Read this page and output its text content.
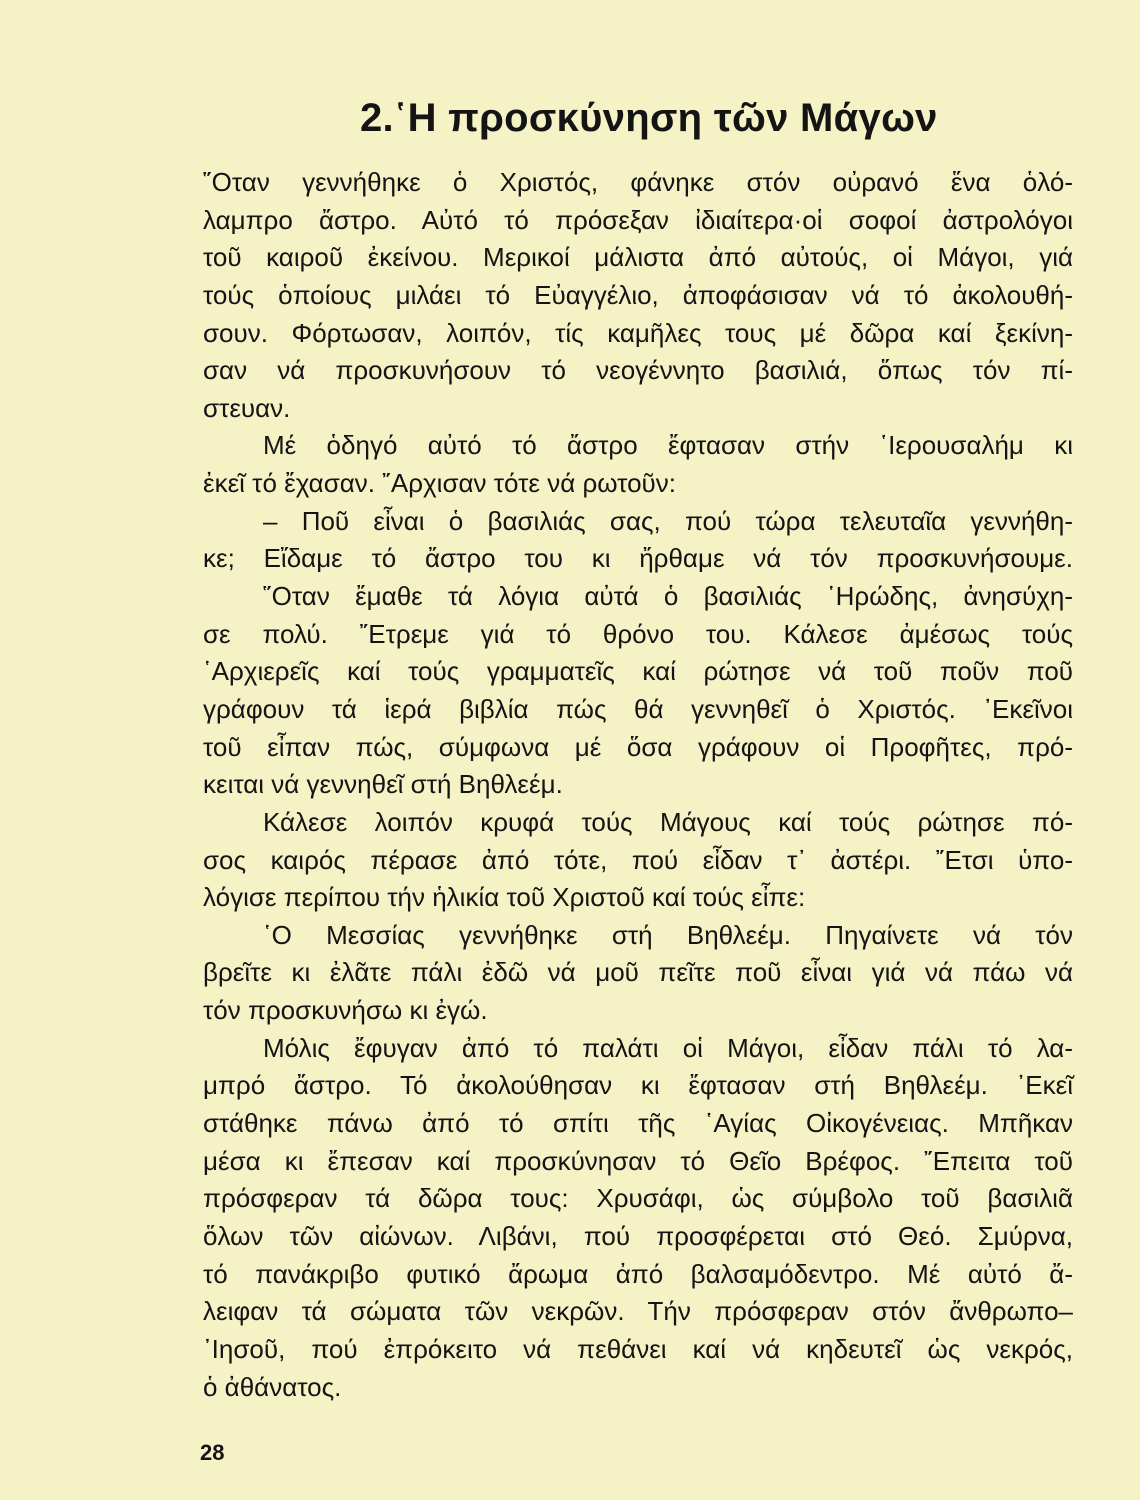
2.῾Η προσκύνηση τῶν Μάγων
῞Οταν γεννήθηκε ὁ Χριστός, φάνηκε στόν οὐρανό ἕνα ὁλό-
λαμπρο ἄστρο. Αὐτό τό πρόσεξαν ἰδιαίτερα·οἱ σοφοί ἀστρολόγοι
τοῦ καιροῦ ἐκείνου. Μερικοί μάλιστα ἀπό αὐτούς, οἱ Μάγοι, γιά
τούς ὁποίους μιλάει τό Εὐαγγέλιο, ἀποφάσισαν νά τό ἀκολουθή-
σουν. Φόρτωσαν, λοιπόν, τίς καμῆλες τους μέ δῶρα καί ξεκίνη-
σαν νά προσκυνήσουν τό νεογέννητο βασιλιά, ὅπως τόν πί-
στευαν.
Μέ ὁδηγό αὐτό τό ἄστρο ἔφτασαν στήν ῾Ιερουσαλήμ κι
ἐκεῖ τό ἔχασαν. ῎Αρχισαν τότε νά ρωτοῦν:
– Ποῦ εἶναι ὁ βασιλιάς σας, πού τώρα τελευταῖα γεννήθη-
κε; Εἴδαμε τό ἄστρο του κι ἤρθαμε νά τόν προσκυνήσουμε.
῞Οταν ἔμαθε τά λόγια αὐτά ὁ βασιλιάς ῾Ηρώδης, ἀνησύχη-
σε πολύ. ῎Ετρεμε γιά τό θρόνο του. Κάλεσε ἀμέσως τούς
῾Αρχιερεῖς καί τούς γραμματεῖς καί ρώτησε νά τοῦ ποῦν ποῦ
γράφουν τά ἱερά βιβλία πώς θά γεννηθεῖ ὁ Χριστός. ᾿Εκεῖνοι
τοῦ εἶπαν πώς, σύμφωνα μέ ὅσα γράφουν οἱ Προφῆτες, πρό-
κειται νά γεννηθεῖ στή Βηθλεέμ.
Κάλεσε λοιπόν κρυφά τούς Μάγους καί τούς ρώτησε πό-
σος καιρός πέρασε ἀπό τότε, πού εἶδαν τ᾿ ἀστέρι. ῎Ετσι ὑπο-
λόγισε περίπου τήν ἡλικία τοῦ Χριστοῦ καί τούς εἶπε:
῾Ο Μεσσίας γεννήθηκε στή Βηθλεέμ. Πηγαίνετε νά τόν
βρεῖτε κι ἐλᾶτε πάλι ἐδῶ νά μοῦ πεῖτε ποῦ εἶναι γιά νά πάω νά
τόν προσκυνήσω κι ἐγώ.
Μόλις ἔφυγαν ἀπό τό παλάτι οἱ Μάγοι, εἶδαν πάλι τό λα-
μπρό ἄστρο. Τό ἀκολούθησαν κι ἔφτασαν στή Βηθλεέμ. ᾿Εκεῖ
στάθηκε πάνω ἀπό τό σπίτι τῆς ῾Αγίας Οἰκογένειας. Μπῆκαν
μέσα κι ἔπεσαν καί προσκύνησαν τό Θεῖο Βρέφος. ῎Επειτα τοῦ
πρόσφεραν τά δῶρα τους: Χρυσάφι, ὡς σύμβολο τοῦ βασιλιᾶ
ὅλων τῶν αἰώνων. Λιβάνι, πού προσφέρεται στό Θεό. Σμύρνα,
τό πανάκριβο φυτικό ἄρωμα ἀπό βαλσαμόδεντρο. Μέ αὐτό ἄ-
λειφαν τά σώματα τῶν νεκρῶν. Τήν πρόσφεραν στόν ἄνθρωπο–
᾿Ιησοῦ, πού ἐπρόκειτο νά πεθάνει καί νά κηδευτεῖ ὡς νεκρός,
ὁ ἀθάνατος.
28
